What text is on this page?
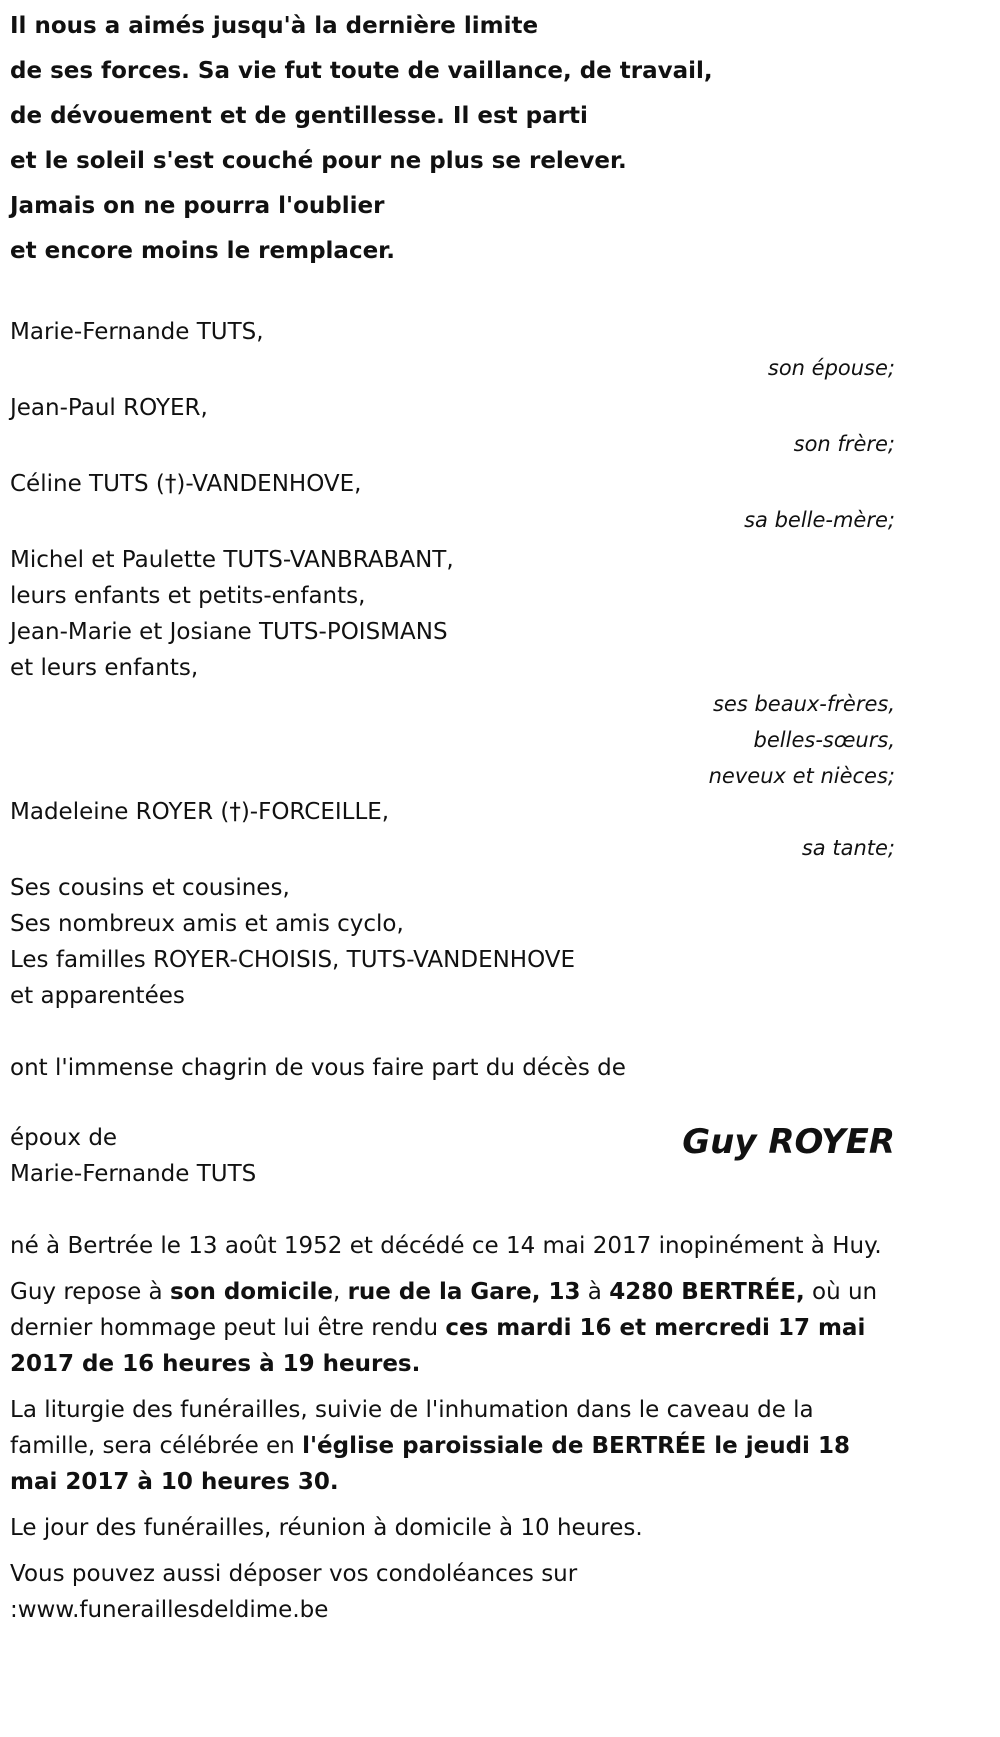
Il nous a aimés jusqu'à la dernière limite

de ses forces. Sa vie fut toute de vaillance, de travail,

de dévouement et de gentillesse. Il est parti

et le soleil s'est couché pour ne plus se relever.

Jamais on ne pourra l'oublier

et encore moins le remplacer.

Marie-Fernande TUTS,
son épouse;
Jean-Paul ROYER,
son frère;
Céline TUTS (†)-VANDENHOVE,
sa belle-mère;
Michel et Paulette TUTS-VANBRABANT,
leurs enfants et petits-enfants,
Jean-Marie et Josiane TUTS-POISMANS
et leurs enfants,
ses beaux-frères,
belles-sœurs,
neveux et nièces;
Madeleine ROYER (†)-FORCEILLE,
sa tante;
Ses cousins et cousines,
Ses nombreux amis et amis cyclo,
Les familles ROYER-CHOISIS, TUTS-VANDENHOVE
et apparentées
ont l'immense chagrin de vous faire part du décès de
époux de
Marie-Fernande TUTS
Guy ROYER

né à Bertrée le 13 août 1952 et décédé ce 14 mai 2017 inopinément à Huy.

Guy repose à son domicile, rue de la Gare, 13 à 4280 BERTRÉE, où un dernier hommage peut lui être rendu ces mardi 16 et mercredi 17 mai 2017 de 16 heures à 19 heures.

La liturgie des funérailles, suivie de l'inhumation dans le caveau de la famille, sera célébrée en l'église paroissiale de BERTRÉE le jeudi 18 mai 2017 à 10 heures 30.

Le jour des funérailles, réunion à domicile à 10 heures.

Vous pouvez aussi déposer vos condoléances sur
:www.funeraillesdeldime.be
